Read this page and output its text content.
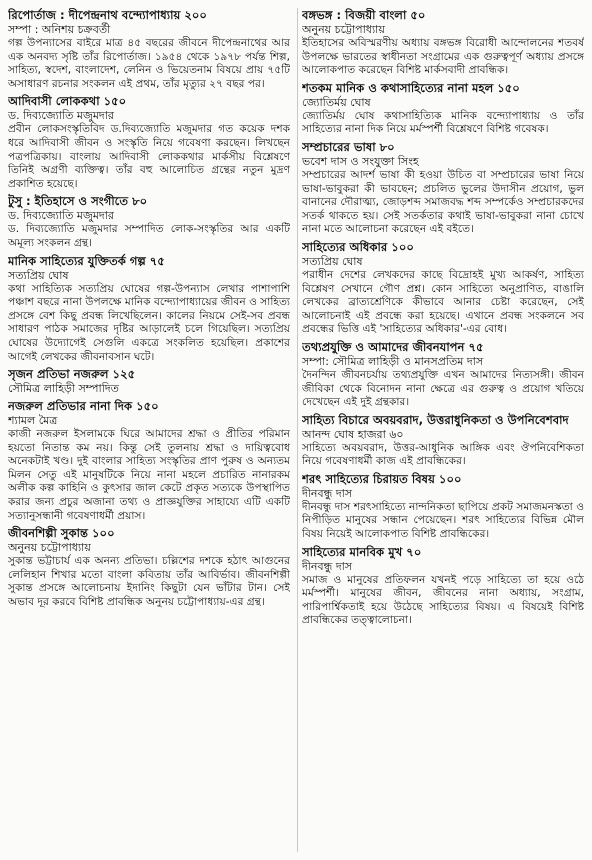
রিপোর্তাজ : দীপেন্দ্রনাথ বন্দ্যোপাধ্যায় ২০০
সম্পা : অনিশয় চক্রবর্তী
গল্প উপন্যাসের বাইরে মাত্র ৪৫ বছরের জীবনে দীপেন্দ্রনাথের আর এক অনবদ্য সৃষ্টি তাঁর রিপোর্তাজ। ১৯৫৪ থেকে ১৯৭৮ পর্যন্ত শিল্প, সাহিত্য, স্বদেশ, বাংলাদেশ, লেনিন ও ভিয়েতনাম বিষয়ে প্রায় ৭৫টি অসাধারণ রচনার সংকলন এই প্রথম, তাঁর মৃত্যুর ২৭ বছর পর।
আদিবাসী লোককথা ১৫০
ড. দিব্যজ্যোতি মজুমদার
প্রবীন লোকসংস্কৃতিবিদ ড.দিব্যজ্যোতি মজুমদার গত কয়েক দশক ধরে আদিবাসী জীবন ও সংস্কৃতি নিয়ে গবেষণা করছেন। লিখছেন পত্রপত্রিকায়। বাংলায় আদিবাসী লোককথার মার্কসীয় বিশ্লেষণে তিনিই অগ্রণী ব্যক্তিত্ব। তাঁর বহু আলোচিত গ্রন্থের নতুন মুদ্রণ প্রকাশিত হয়েছে।
টুসু : ইতিহাসে ও সংগীতে ৮০
ড. দিব্যজ্যোতি মজুমদার
ড. দিব্যজ্যোতি মজুমদার সম্পাদিত লোক-সংস্কৃতির আর একটি অমূল্য সংকলন গ্রন্থ।
মানিক সাহিত্যের যুক্তিতর্ক গল্প ৭৫
সত্যপ্রিয় ঘোষ
কথা সাহিত্যিক সত্যপ্রিয় ঘোষের গল্প-উপন্যাস লেখার পাশাপাশি পঞ্চাশ বছরে নানা উপলক্ষে মানিক বন্দ্যোপাধ্যায়ের জীবন ও সাহিত্য প্রসঙ্গে বেশ কিছু প্রবন্ধ লিখেছিলেন। কালের নিয়মে সেই-সব প্রবন্ধ সাধারণ পাঠক সমাজের দৃষ্টির আড়ালেই চলে গিয়েছিল। সত্যপ্রিয় ঘোষের উদ্যোগেই সেগুলি একত্রে সংকলিত হয়েছিল। প্রকাশের আগেই লেখকের জীবনাবসান ঘটে।
সৃজন প্রতিভা নজরুল ১২৫
সৌমিত্র লাহিড়ী সম্পাদিত
নজরুল প্রতিভার নানা দিক ১৫০
শ্যামল মৈত্র
কাজী নজরুল ইসলামকে ঘিরে আমাদের শ্রদ্ধা ও প্রীতির পরিমান হয়তো নিতান্ত কম নয়। কিন্তু সেই তুলনায় শ্রদ্ধা ও দায়িত্ববোধ অনেকটাই খণ্ড। দুই বাংলার সাহিত্য সংস্কৃতির প্রাণ পুরুষ ও অন্যতম মিলন সেতু এই মানুষটিকে নিয়ে নানা মহলে প্রচারিত নানারকম অলীক কল্প কাহিনি ও কুৎসার জাল কেটে প্রকৃত সত্যকে উপস্থাপিত করার জন্য প্রচুর অজানা তথ্য ও প্রাজ্ঞযুক্তির সাহায্যে এটি একটি সত্যানুসন্ধানী গবেষণাধর্মী প্রয়াস।
জীবনশিল্পী সুকান্ত ১০০
অনুনয় চট্টোপাধ্যায়
সুকান্ত ভট্টাচার্য এক অনন্য প্রতিভা। চল্লিশের দশকে হঠাৎ আগুনের লেলিহান শিখার মতো বাংলা কবিতায় তাঁর আবির্ভাব। জীবনশিল্পী সুকান্ত প্রসঙ্গে আলোচনায় ইদানিং কিছুটা যেন ভাঁটার টান। সেই অভাব দূর করবে বিশিষ্ট প্রাবন্ধিক অনুনয় চট্টোপাধ্যায়-এর গ্রন্থ।
বঙ্গভঙ্গ : বিজয়ী বাংলা ৫০
অনুনয় চট্টোপাধ্যায়
ইতিহাসের অবিস্মরণীয় অধ্যায় বঙ্গভঙ্গ বিরোধী আন্দোলনের শতবর্ষ উপলক্ষে ভারতের স্বাধীনতা সংগ্রামের এক গুরুত্বপূর্ণ অধ্যায় প্রসঙ্গে আলোকপাত করেছেন বিশিষ্ট মার্কসবাদী প্রাবন্ধিক।
শতকম মানিক ও কথাসাহিত্যের নানা মহল ১৫০
জ্যোতির্ময় ঘোষ
জ্যোতির্ময় ঘোষ কথাসাহিত্যিক মানিক বন্দ্যোপাধ্যায় ও তাঁর সাহিত্যের নানা দিক নিয়ে মর্মস্পর্শী বিশ্লেষণে বিশিষ্ট গবেষক।
সম্প্রচারের ভাষা ৮০
ভবেশ দাস ও সংযুক্তা সিংহ
সম্প্রচারের আদর্শ ভাষা কী হওয়া উচিত বা সম্প্রচারের ভাষা নিয়ে ভাষা-ভাবুকরা কী ভাবছেন; প্রচলিত ভুলের উদাসীন প্রয়োগ, ভুল বানানের দৌরাত্ম্য, জোড়শব্দ সমাজবদ্ধ শব্দ সম্পর্কেও সম্প্রচারকদের সতর্ক থাকতে হয়। সেই সতর্কতার কথাই ভাষা-ভাবুকরা নানা চোখে নানা মতে আলোচনা করেছেন এই বইতে।
সাহিত্যের অধিকার ১০০
সত্যপ্রিয় ঘোষ
পরাধীন দেশের লেখকদের কাছে বিদ্রোহই মুখ্য আকর্ষণ, সাহিত্য বিশ্লেষণ সেখানে গৌণ প্রশ্ন। কোন সাহিত্যে অনুপ্রাণিত, বাঙালি লেখকের ব্রাত্যশ্রেণিকে কীভাবে আনার চেষ্টা করেছেন, সেই আলোচনাই এই প্রবন্ধে করা হয়েছে। এখানে প্রবন্ধ সংকলনে সব প্রবন্ধের ভিত্তি এই 'সাহিত্যের অধিকার'-এর বোধ।
তথ্যপ্রযুক্তি ও আমাদের জীবনযাপন ৭৫
সম্পা: সৌমিত্র লাহিড়ী ও মানসপ্রতিম দাস
দৈনন্দিন জীবনচর্যায় তথ্যপ্রযুক্তি এখন আমাদের নিত্যসঙ্গী। জীবন জীবিকা থেকে বিনোদন নানা ক্ষেত্রে এর গুরুত্ব ও প্রয়োগ খতিয়ে দেখেছেন এই দুই গ্রন্থকার।
সাহিত্য বিচারে অবয়বরাদ, উত্তরাধুনিকতা ও উপনিবেশবাদ
আনন্দ ঘোষ হাজরা ৬০
সাহিত্যে অবয়বরাদ, উত্তর-আধুনিক আঙ্গিক এবং ঔপনিবেশিকতা নিয়ে গবেষণাধর্মী কাজ এই প্রাবন্ধিকের।
শরৎ সাহিত্যের চিরায়ত বিষয় ১০০
দীনবন্ধু দাস
দীনবন্ধু দাস শরৎসাহিত্যে নান্দনিকতা ছাপিয়ে প্রকট সমাজমনস্কতা ও নিপীড়িত মানুষের সন্ধান পেয়েছেন। শরৎ সাহিত্যের বিভিন্ন মৌল বিষয় নিয়েই আলোকপাত বিশিষ্ট প্রাবন্ধিকের।
সাহিত্যের মানবিক মুখ ৭০
দীনবন্ধু দাস
সমাজ ও মানুষের প্রতিফলন যখনই পড়ে সাহিত্যে তা হয়ে ওঠে মর্মস্পর্শী। মানুষের জীবন, জীবনের নানা অধ্যায়, সংগ্রাম, পারিপার্শ্বিকতাই হয়ে উঠেছে সাহিত্যের বিষয়। এ বিষয়েই বিশিষ্ট প্রাবন্ধিকের তত্ত্বালোচনা।
